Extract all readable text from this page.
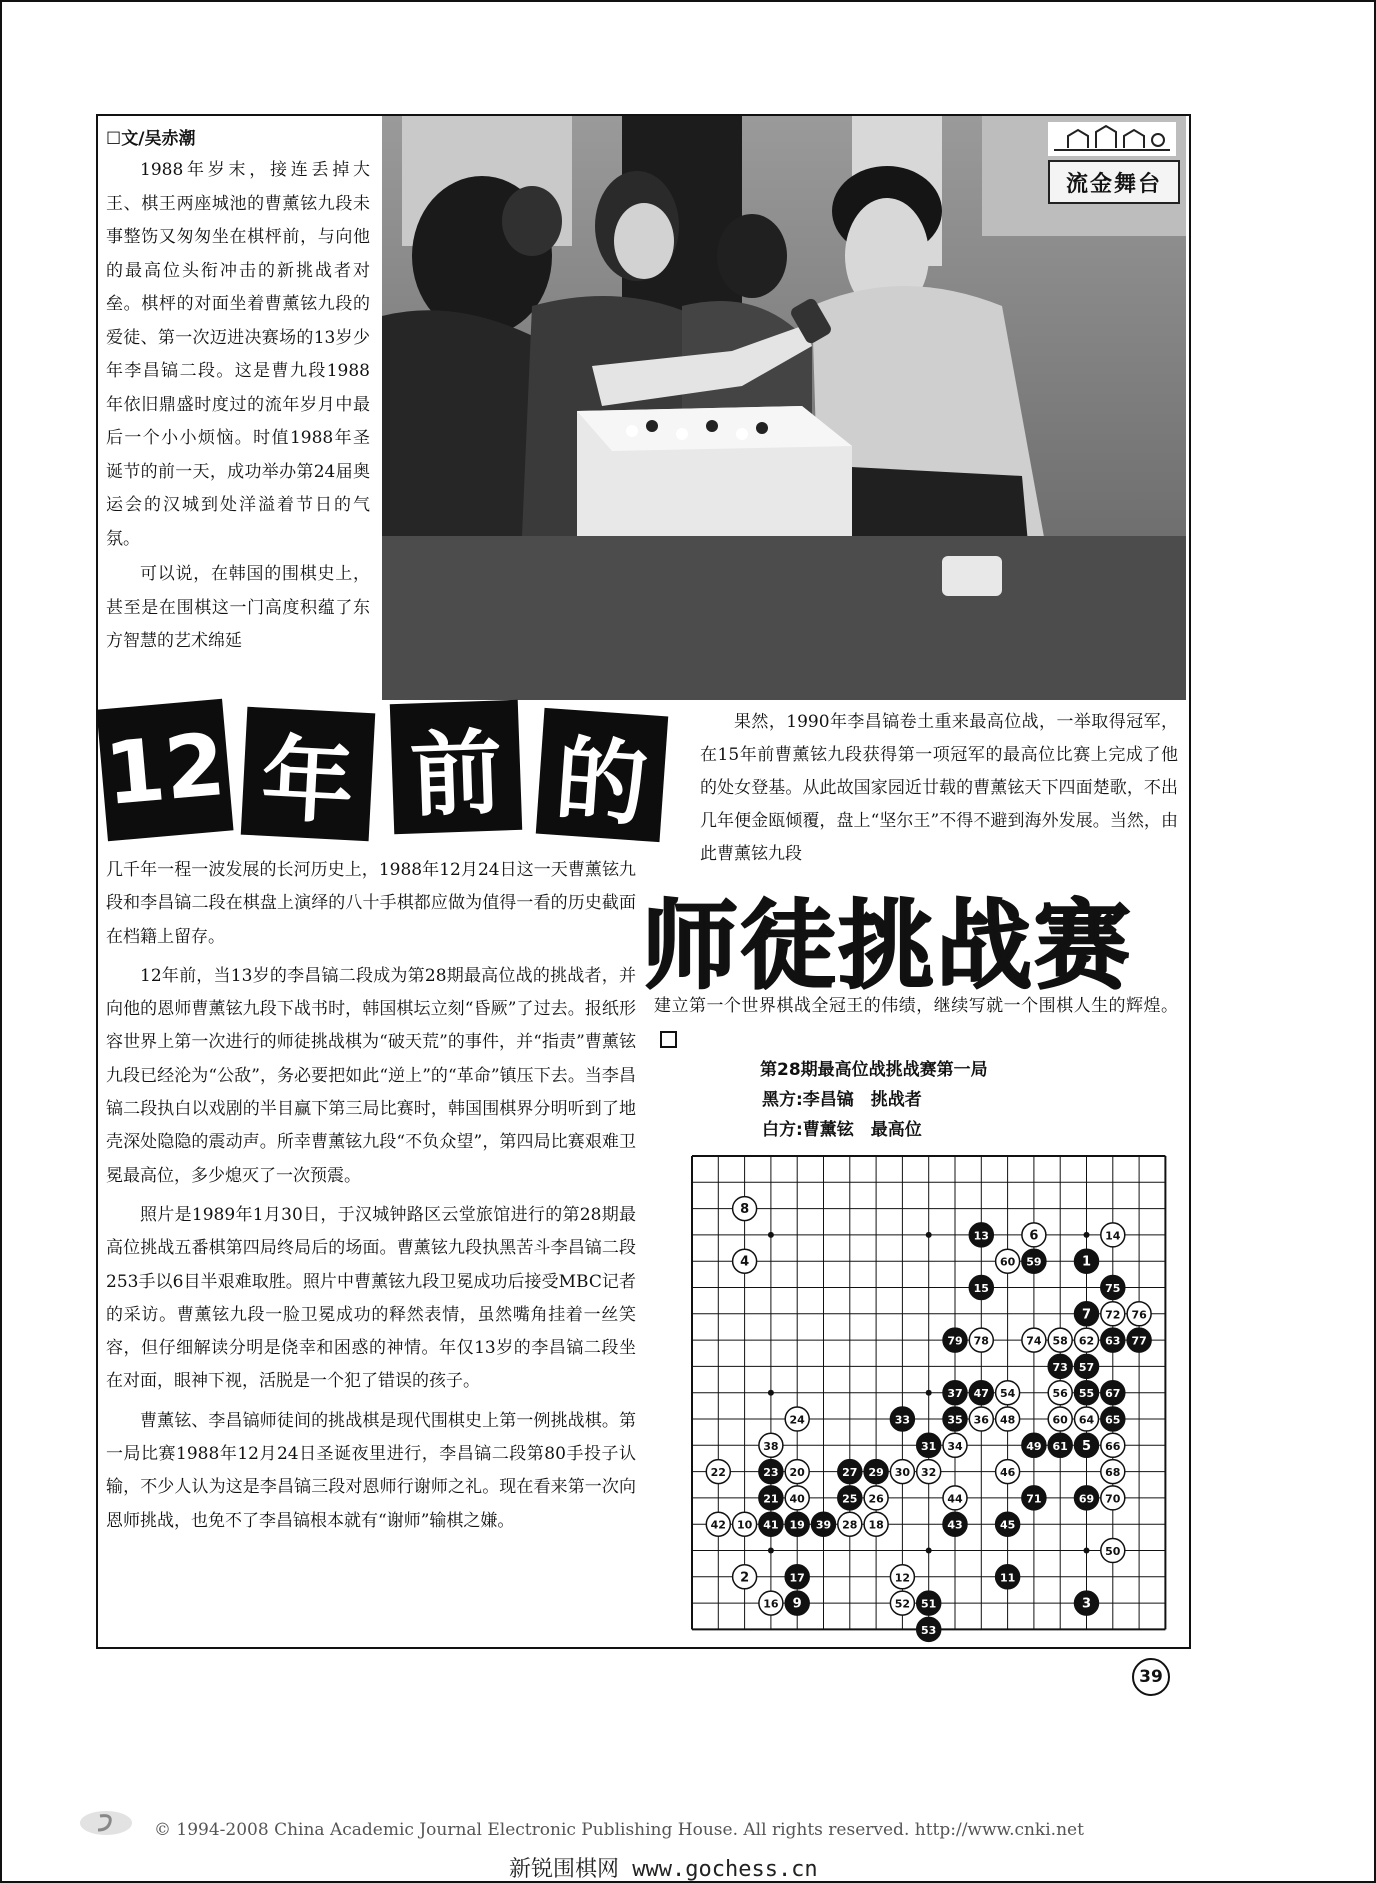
☐文/吴赤潮

1988年岁末，接连丢掉大王、棋王两座城池的曹薰铉九段未事整饬又匆匆坐在棋枰前，与向他的最高位头衔冲击的新挑战者对垒。棋枰的对面坐着曹薰铉九段的爱徒、第一次迈进决赛场的13岁少年李昌镐二段。这是曹九段1988年依旧鼎盛时度过的流年岁月中最后一个小小烦恼。时值1988年圣诞节的前一天，成功举办第24届奥运会的汉城到处洋溢着节日的气氛。

可以说，在韩国的围棋史上，甚至是在围棋这一门高度积蕴了东方智慧的艺术绵延

流金舞台
12 年 前 的

果然，1990年李昌镐卷土重来最高位战，一举取得冠军，在15年前曹薰铉九段获得第一项冠军的最高位比赛上完成了他的处女登基。从此故国家园近廿载的曹薰铉天下四面楚歌，不出几年便金瓯倾覆，盘上“坚尔王”不得不避到海外发展。当然，由此曹薰铉九段

师徒挑战赛
建立第一个世界棋战全冠王的伟绩，继续写就一个围棋人生的辉煌。

几千年一程一波发展的长河历史上，1988年12月24日这一天曹薰铉九段和李昌镐二段在棋盘上演绎的八十手棋都应做为值得一看的历史截面在档籍上留存。

12年前，当13岁的李昌镐二段成为第28期最高位战的挑战者，并向他的恩师曹薰铉九段下战书时，韩国棋坛立刻“昏厥”了过去。报纸形容世界上第一次进行的师徒挑战棋为“破天荒”的事件，并“指责”曹薰铉九段已经沦为“公敌”，务必要把如此“逆上”的“革命”镇压下去。当李昌镐二段执白以戏剧的半目赢下第三局比赛时，韩国围棋界分明听到了地壳深处隐隐的震动声。所幸曹薰铉九段“不负众望”，第四局比赛艰难卫冕最高位，多少熄灭了一次预震。

照片是1989年1月30日，于汉城钟路区云堂旅馆进行的第28期最高位挑战五番棋第四局终局后的场面。曹薰铉九段执黑苦斗李昌镐二段253手以6目半艰难取胜。照片中曹薰铉九段卫冕成功后接受MBC记者的采访。曹薰铉九段一脸卫冕成功的释然表情，虽然嘴角挂着一丝笑容，但仔细解读分明是侥幸和困惑的神情。年仅13岁的李昌镐二段坐在对面，眼神下视，活脱是一个犯了错误的孩子。

曹薰铉、李昌镐师徒间的挑战棋是现代围棋史上第一例挑战棋。第一局比赛1988年12月24日圣诞夜里进行，李昌镐二段第80手投子认输，不少人认为这是李昌镐三段对恩师行谢师之礼。现在看来第一次向恩师挑战，也免不了李昌镐根本就有“谢师”输棋之嫌。

第28期最高位战挑战赛第一局
黑方:李昌镐　挑战者
白方:曹薰铉　最高位
8
13	6	14
4	60 59	1
15	75
7 72 76
79 78	74 58 62 63 77
73 57
37 47 54	56 55 67
24	33	35 36 48	60 64 65
38	31 34	49 61 5 66
22	23 20	27 29 30 32	46	68
21 40	25 26	44	71	69 70
42 10 41 19 39 28 18	43	45
50
2	17	12	11
16 9	52 51	3
53
39
© 1994-2008 China Academic Journal Electronic Publishing House. All rights reserved. http://www.cnki.net
新锐围棋网 www.gochess.cn
